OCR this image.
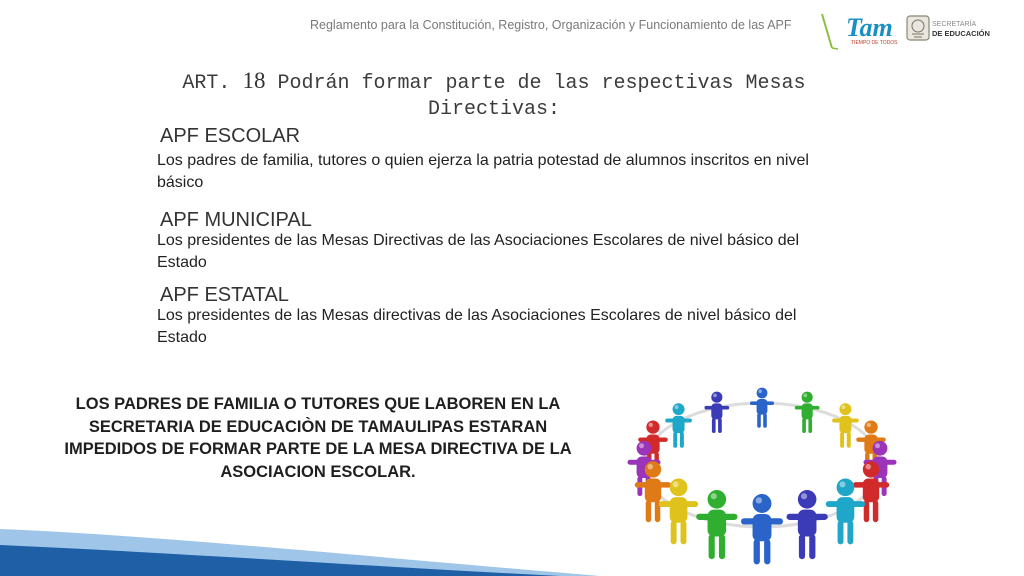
Reglamento para la Constitución, Registro, Organización y Funcionamiento de las APF	Tam
TIEMPO DE TODOS
SECRETARÍA
DE EDUCACIÓN
ART. 18 Podrán formar parte de las respectivas Mesas
Directivas:
APF ESCOLAR
Los padres de familia, tutores o quien ejerza la patria potestad de alumnos inscritos en nivel básico
APF MUNICIPAL
Los presidentes de las Mesas Directivas de las Asociaciones Escolares de nivel básico del Estado
APF ESTATAL
Los presidentes de las Mesas directivas de las Asociaciones Escolares de nivel básico del Estado
LOS PADRES DE FAMILIA O TUTORES QUE LABOREN EN LA SECRETARIA DE EDUCACIÒN DE TAMAULIPAS ESTARAN IMPEDIDOS DE FORMAR PARTE DE LA MESA DIRECTIVA DE LA ASOCIACION ESCOLAR.
